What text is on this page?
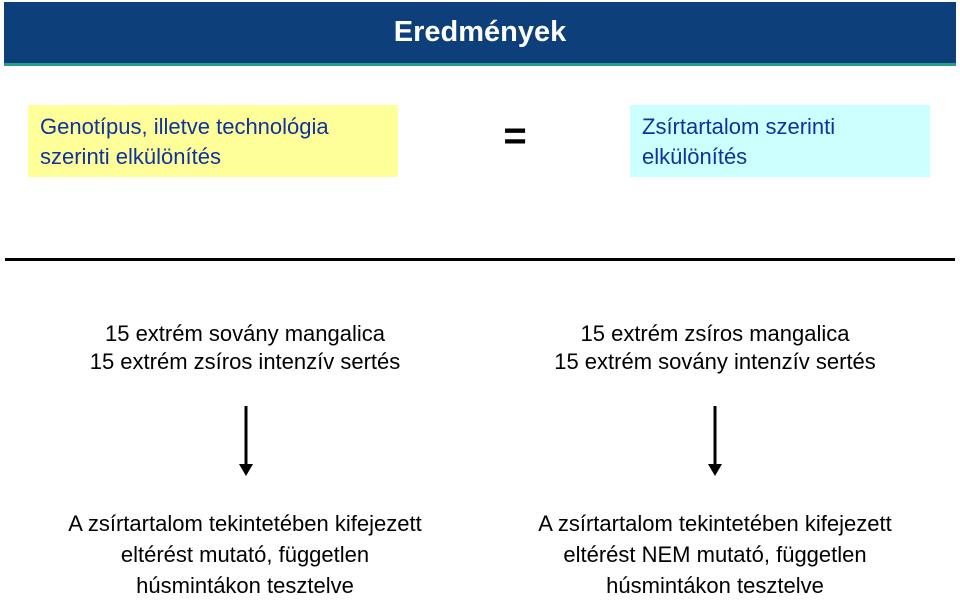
Eredmények
Genotípus, illetve technológia
szerinti elkülönítés	=	Zsírtartalom szerinti
elkülönítés
15 extrém sovány mangalica
15 extrém zsíros intenzív sertés
15 extrém zsíros mangalica
15 extrém sovány intenzív sertés
A zsírtartalom tekintetében kifejezett
eltérést mutató, független
húsmintákon tesztelve
A zsírtartalom tekintetében kifejezett
eltérést NEM mutató, független
húsmintákon tesztelve
